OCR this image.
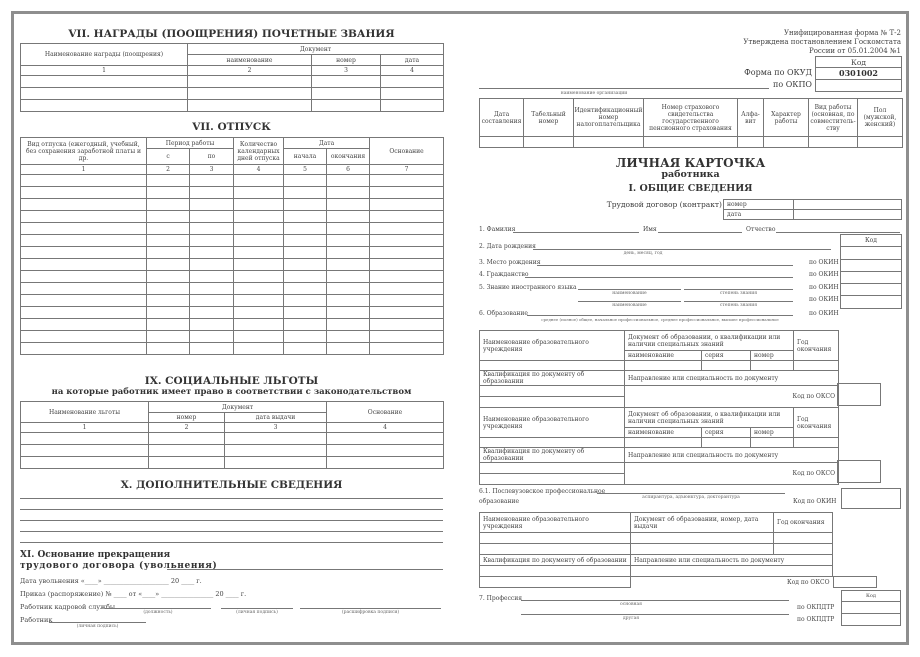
VII. НАГРАДЫ (ПООЩРЕНИЯ) ПОЧЕТНЫЕ ЗВАНИЯ
Наименование награды (поощрения)	Документ		
	наименование	номер	дата
1	2	3	4

VII. ОТПУСК
Вид отпуска (ежегодный, учебный, без сохранения заработной платы и др.	Период работы		Количество календарных дней отпуска	Дата		Основание
	с	по		начала	окончания	
1	2	3	4	5	6	7

IX. СОЦИАЛЬНЫЕ ЛЬГОТЫ
на которые работник имеет право в соответствии с законодательством
Наименование льготы	Документ		Основание
	номер	дата выдачи	
1	2	3	4

X. ДОПОЛНИТЕЛЬНЫЕ СВЕДЕНИЯ
XI. Основание прекращения
трудового договора (увольнения)
Дата увольнения «____» ____________________ 20 ____ г.
Приказ (распоряжение) № ____ от «____» ________________ 20 ____ г.
Работник кадровой службы
(должность)	(личная подпись)	(расшифровка подписи)
Работник
(личная подпись)
Унифицированная форма № Т-2
Утверждена постановлением Госкомстата
России от 05.01.2004 №1
Код
0301002

Форма по ОКУД
по ОКПО
наименование организации
Дата составления	Табельный номер	Идентификационный номер налогоплательщика	Номер страхового свидетельства государственного пенсионного страхования	Алфа-вит	Характер работы	Вид работы (основная, по совместитель-ству	Пол (мужской, женский)

ЛИЧНАЯ КАРТОЧКА
работника
I. ОБЩИЕ СВЕДЕНИЯ
Трудовой договор (контракт) номер	
дата	
1. Фамилия	Имя	Отчество
2. Дата рождения
день, месяц, год
3. Место рождения	по ОКИН
4. Гражданство	по ОКИН
5. Знание иностранного языка
наименование	степень знания
по ОКИН
наименование	степень знания
по ОКИН
6. Образование
среднее (полное) общее, начальное профессиональное, среднее профессиональное, высшее профессиональное
по ОКИН
Код

Наименование образовательного учреждения	Документ об образовании, о квалификации или наличии специальных знаний			Год окончания
	наименование	серия	номер	

Квалификация по документу об образовании	Направление или специальность по документу			
	Код по ОКСО			

Наименование образовательного учреждения	Документ об образовании, о квалификации или наличии специальных знаний			Год окончания
	наименование	серия	номер	

Квалификация по документу об образовании	Направление или специальность по документу			
	Код по ОКСО			

6.1. Послевузовское профессиональное
аспирантура, адъюнктура, докторантура
образование	Код по ОКИН
Наименование образовательного учреждения	Документ об образовании, номер, дата выдачи	Год окончания

Квалификация по документу об образовании	Направление или специальность по документу	

	Код по ОКСО	
7. Профессия
основная	по ОКПДТР
другая	по ОКПДТР
Код
